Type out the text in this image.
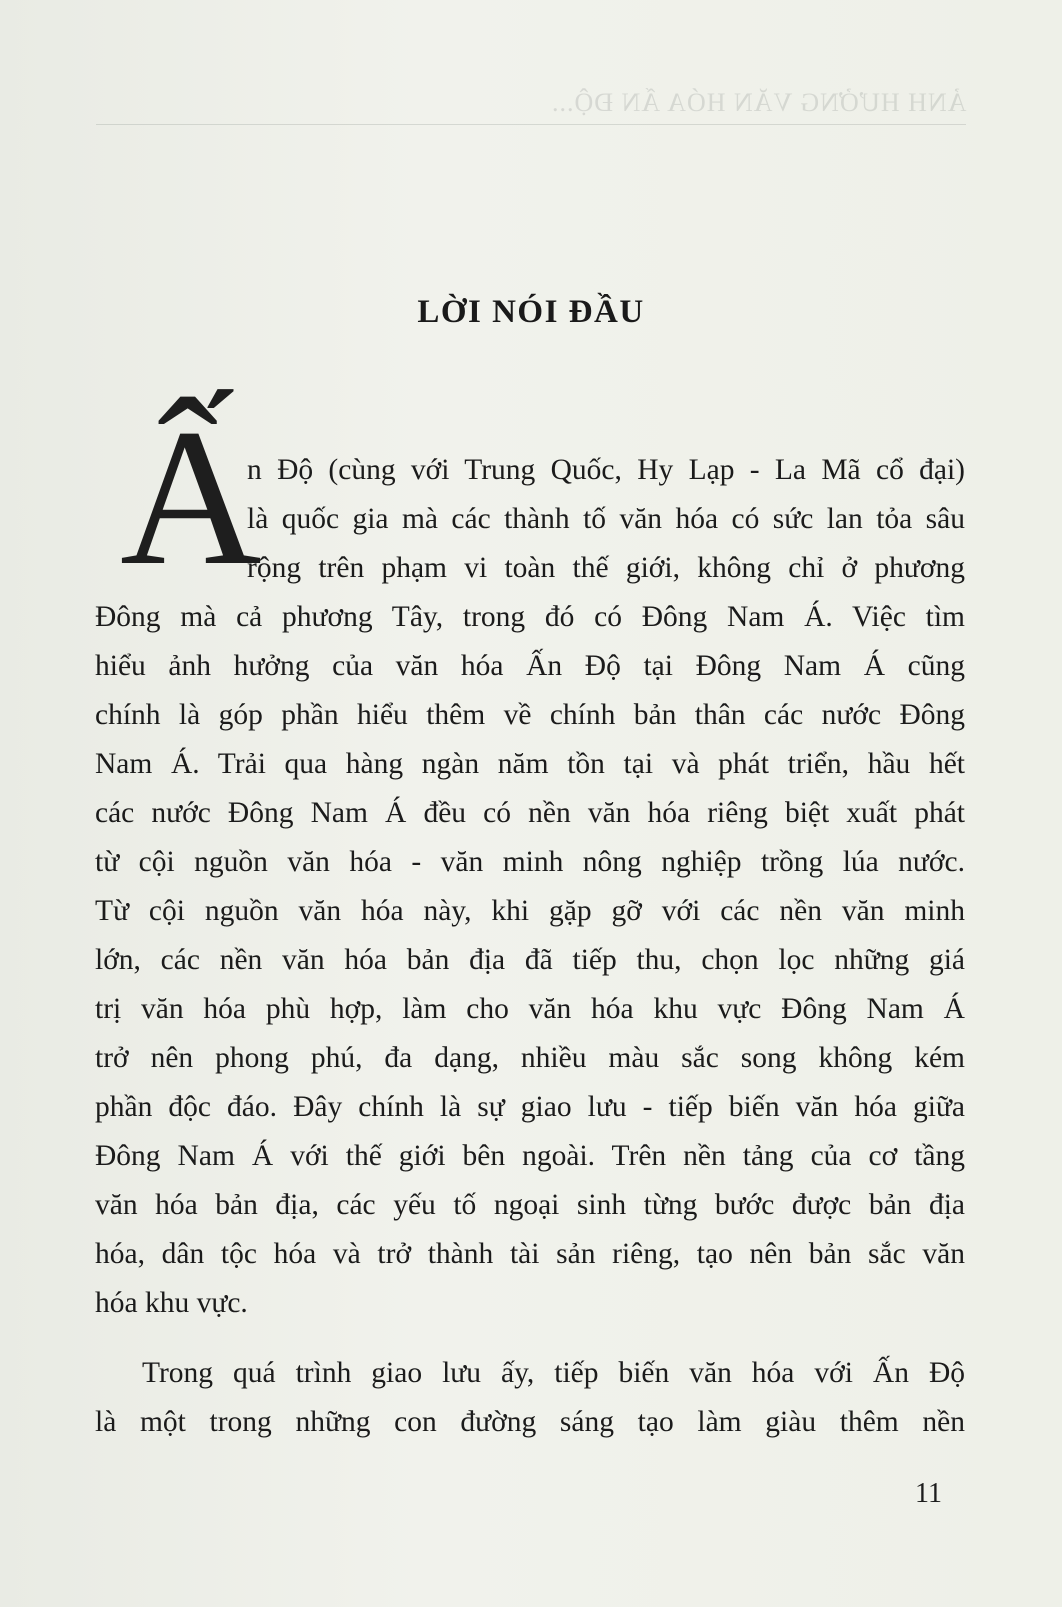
ẢNH HƯỞNG VĂN HÓA ẤN ĐỘ...
LỜI NÓI ĐẦU
Ấ
n Độ (cùng với Trung Quốc, Hy Lạp - La Mã cổ đại)
là quốc gia mà các thành tố văn hóa có sức lan tỏa sâu
rộng trên phạm vi toàn thế giới, không chỉ ở phương
Đông mà cả phương Tây, trong đó có Đông Nam Á. Việc tìm
hiểu ảnh hưởng của văn hóa Ấn Độ tại Đông Nam Á cũng
chính là góp phần hiểu thêm về chính bản thân các nước Đông
Nam Á. Trải qua hàng ngàn năm tồn tại và phát triển, hầu hết
các nước Đông Nam Á đều có nền văn hóa riêng biệt xuất phát
từ cội nguồn văn hóa - văn minh nông nghiệp trồng lúa nước.
Từ cội nguồn văn hóa này, khi gặp gỡ với các nền văn minh
lớn, các nền văn hóa bản địa đã tiếp thu, chọn lọc những giá
trị văn hóa phù hợp, làm cho văn hóa khu vực Đông Nam Á
trở nên phong phú, đa dạng, nhiều màu sắc song không kém
phần độc đáo. Đây chính là sự giao lưu - tiếp biến văn hóa giữa
Đông Nam Á với thế giới bên ngoài. Trên nền tảng của cơ tầng
văn hóa bản địa, các yếu tố ngoại sinh từng bước được bản địa
hóa, dân tộc hóa và trở thành tài sản riêng, tạo nên bản sắc văn
hóa khu vực.
Trong quá trình giao lưu ấy, tiếp biến văn hóa với Ấn Độ
là một trong những con đường sáng tạo làm giàu thêm nền
11
